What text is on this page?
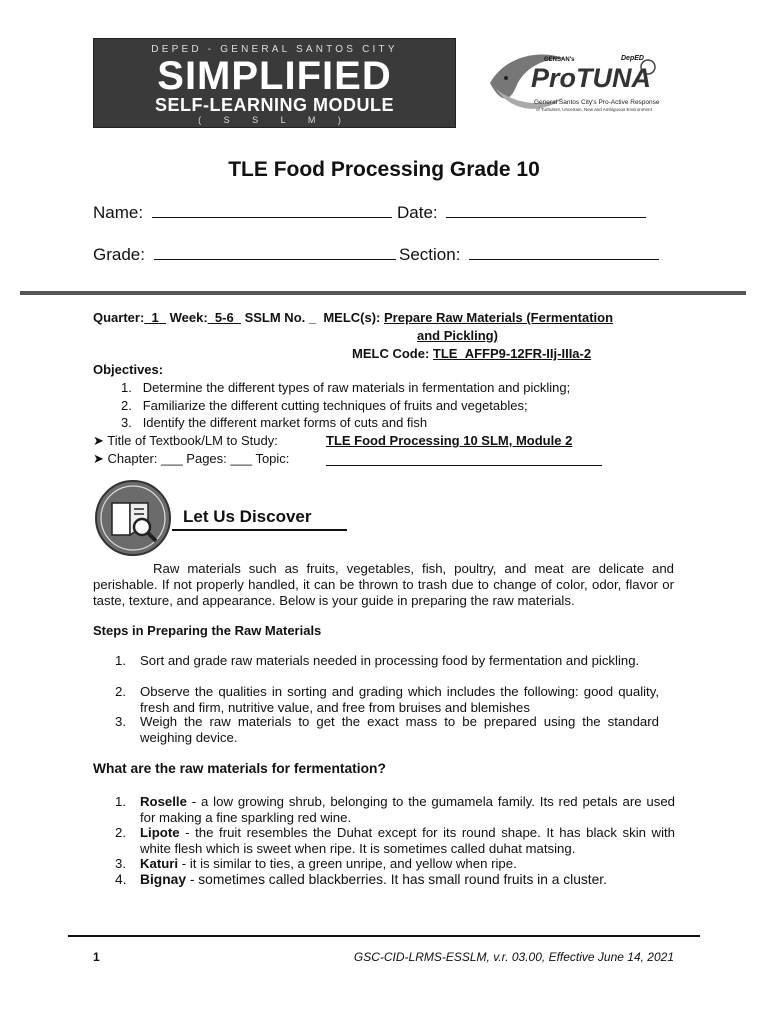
DEPED - GENERAL SANTOS CITY
SIMPLIFIED
SELF-LEARNING MODULE
( S S L M )
GENSAN's	DepED
ProTUNA
General Santos City's Pro-Active Response
of Turbulent, Uncertain, New and Ambiguous Environment
TLE Food Processing Grade 10
Name:	Date:
Grade:	Section:
Quarter: 1 Week: 5-6 SSLM No. _ MELC(s): Prepare Raw Materials (Fermentation
and Pickling)
MELC Code: TLE_AFFP9-12FR-IIj-IIIa-2
Objectives:
1.   Determine the different types of raw materials in fermentation and pickling;
2.   Familiarize the different cutting techniques of fruits and vegetables;
3.   Identify the different market forms of cuts and fish
➤ Title of Textbook/LM to Study:	TLE Food Processing 10 SLM, Module 2
➤ Chapter: ___ Pages: ___ Topic:
Let Us Discover
Raw materials such as fruits, vegetables, fish, poultry, and meat are delicate and perishable. If not properly handled, it can be thrown to trash due to change of color, odor, flavor or taste, texture, and appearance. Below is your guide in preparing the raw materials.
Steps in Preparing the Raw Materials
1.	Sort and grade raw materials needed in processing food by fermentation and pickling.
2.	Observe the qualities in sorting and grading which includes the following: good quality, fresh and firm, nutritive value, and free from bruises and blemishes
3.	Weigh the raw materials to get the exact mass to be prepared using the standard weighing device.
What are the raw materials for fermentation?
1.	Roselle - a low growing shrub, belonging to the gumamela family. Its red petals are used for making a fine sparkling red wine.
2.	Lipote - the fruit resembles the Duhat except for its round shape. It has black skin with white flesh which is sweet when ripe. It is sometimes called duhat matsing.
3.	Katuri - it is similar to ties, a green unripe, and yellow when ripe.
4. Bignay - sometimes called blackberries. It has small round fruits in a cluster.
1	GSC-CID-LRMS-ESSLM, v.r. 03.00, Effective June 14, 2021
